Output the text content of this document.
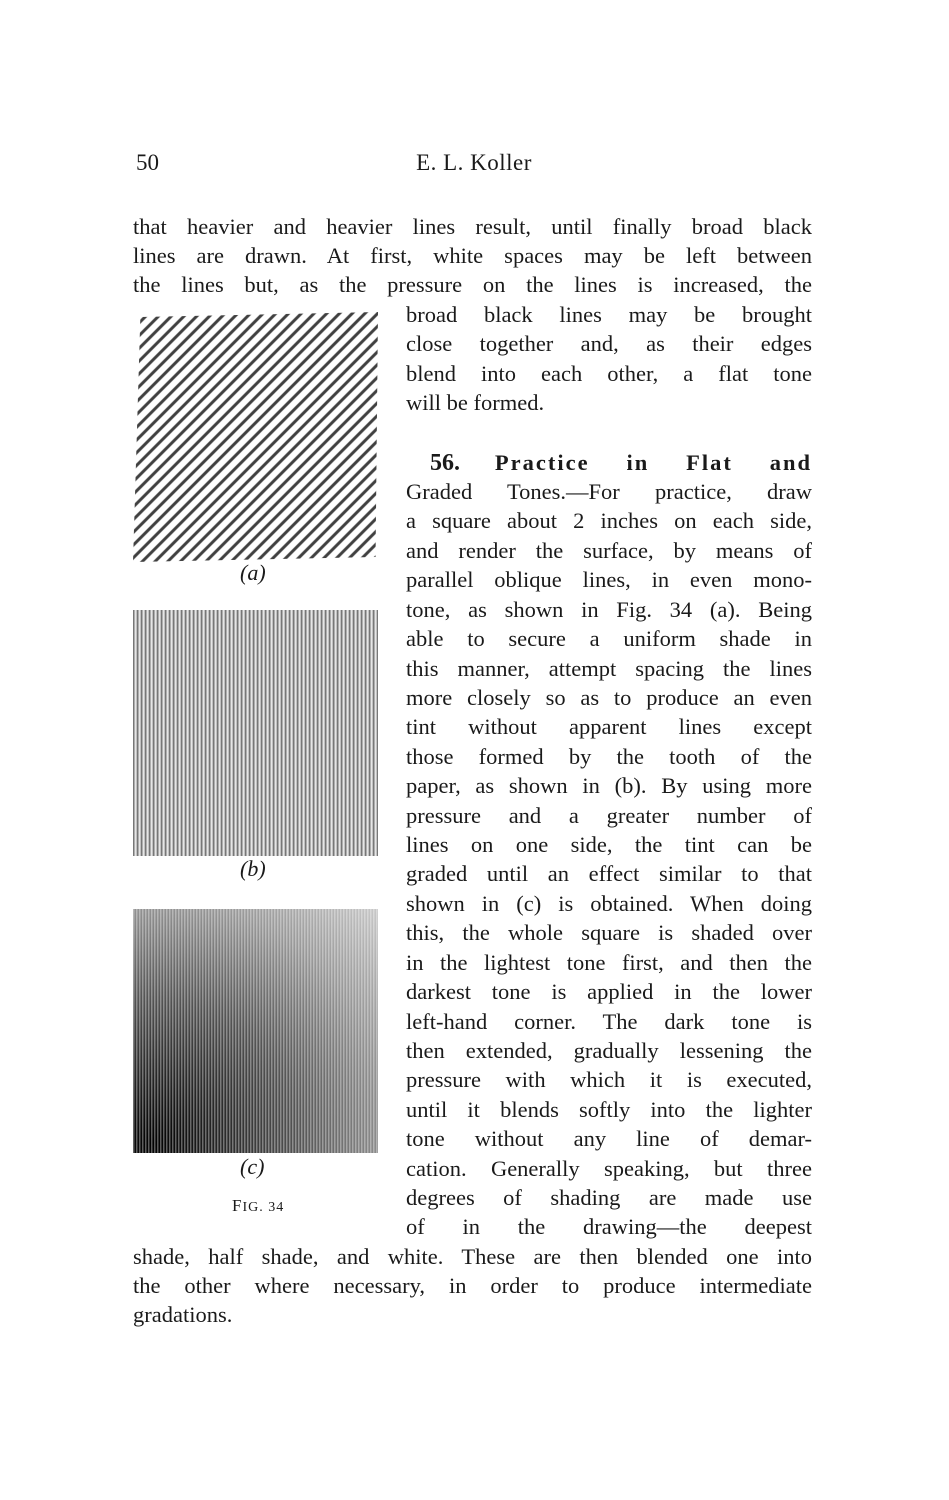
50	E. L. Koller
(a)
(b)
(c)
FIG. 34
that heavier and heavier lines result, until finally broad black
lines are drawn. At first, white spaces may be left between
the lines but, as the pressure on the lines is increased, the
broad black lines may be brought
close together and, as their edges
blend into each other, a flat tone
will be formed.
56. Practice in Flat and
Graded Tones.—For practice, draw
a square about 2 inches on each side,
and render the surface, by means of
parallel oblique lines, in even mono-
tone, as shown in Fig. 34 (a). Being
able to secure a uniform shade in
this manner, attempt spacing the lines
more closely so as to produce an even
tint without apparent lines except
those formed by the tooth of the
paper, as shown in (b). By using more
pressure and a greater number of
lines on one side, the tint can be
graded until an effect similar to that
shown in (c) is obtained. When doing
this, the whole square is shaded over
in the lightest tone first, and then the
darkest tone is applied in the lower
left-hand corner. The dark tone is
then extended, gradually lessening the
pressure with which it is executed,
until it blends softly into the lighter
tone without any line of demar-
cation. Generally speaking, but three
degrees of shading are made use
of in the drawing—the deepest
shade, half shade, and white. These are then blended one into
the other where necessary, in order to produce intermediate
gradations.
